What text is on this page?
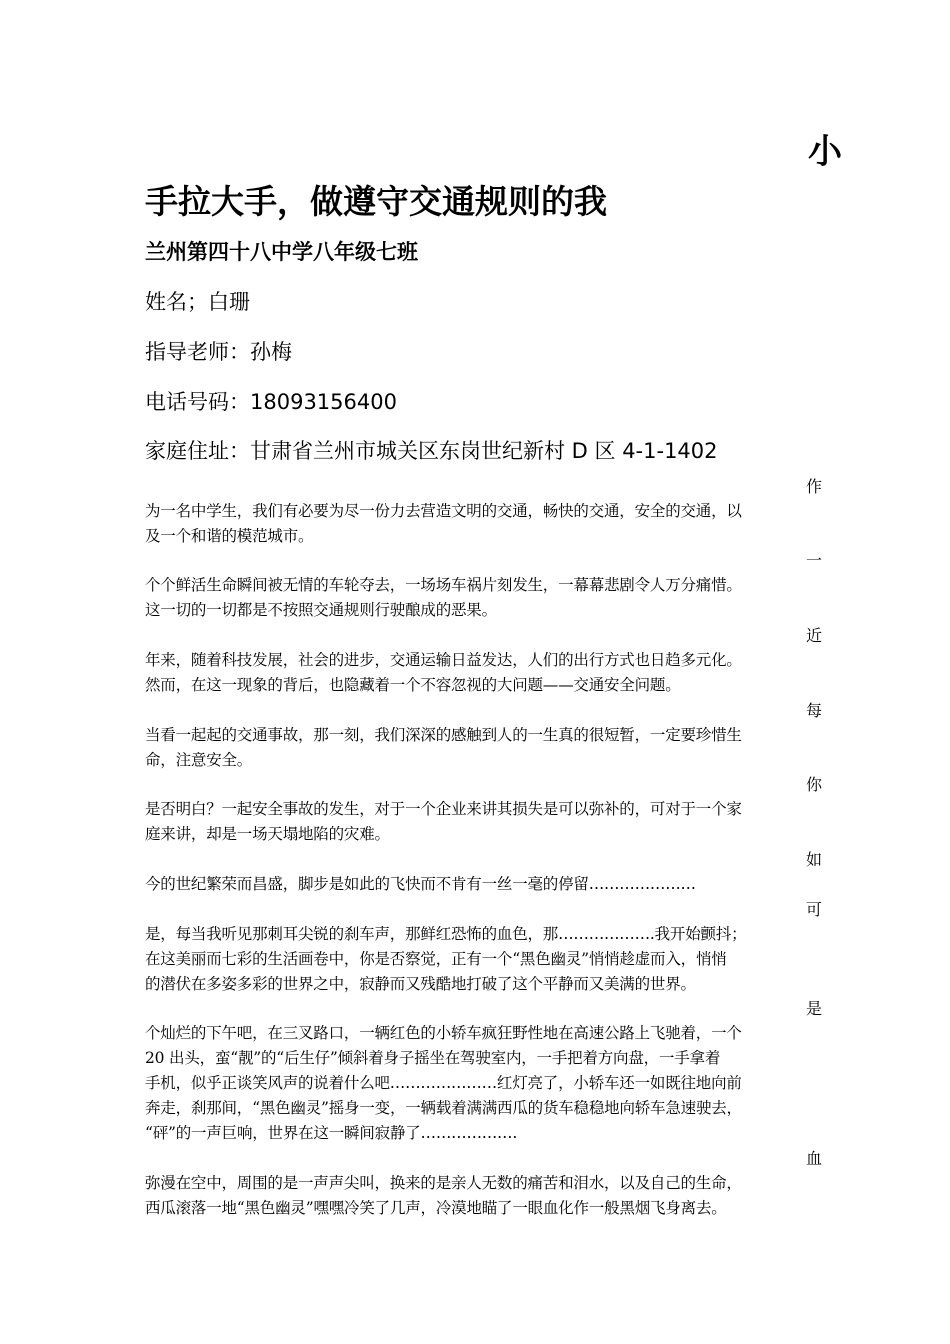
小
手拉大手，做遵守交通规则的我
兰州第四十八中学八年级七班
姓名；白珊
指导老师：孙梅
电话号码：18093156400
家庭住址：甘肃省兰州市城关区东岗世纪新村 D 区 4-1-1402
作
为一名中学生，我们有必要为尽一份力去营造文明的交通，畅快的交通，安全的交通，以
及一个和谐的模范城市。
一
个个鲜活生命瞬间被无情的车轮夺去，一场场车祸片刻发生，一幕幕悲剧令人万分痛惜。
这一切的一切都是不按照交通规则行驶酿成的恶果。
近
年来，随着科技发展，社会的进步，交通运输日益发达，人们的出行方式也日趋多元化。
然而，在这一现象的背后，也隐藏着一个不容忽视的大问题——交通安全问题。
每
当看一起起的交通事故，那一刻，我们深深的感触到人的一生真的很短暂，一定要珍惜生
命，注意安全。
你
是否明白？一起安全事故的发生，对于一个企业来讲其损失是可以弥补的，可对于一个家
庭来讲，却是一场天塌地陷的灾难。
如
今的世纪繁荣而昌盛，脚步是如此的飞快而不肯有一丝一毫的停留…………………
可
是，每当我听见那刺耳尖锐的刹车声，那鲜红恐怖的血色，那……………….我开始颤抖；
在这美丽而七彩的生活画卷中，你是否察觉，正有一个“黑色幽灵”悄悄趁虚而入，悄悄
的潜伏在多姿多彩的世界之中，寂静而又残酷地打破了这个平静而又美满的世界。
是
个灿烂的下午吧，在三叉路口，一辆红色的小轿车疯狂野性地在高速公路上飞驰着，一个
20 出头，蛮“靓”的“后生仔”倾斜着身子摇坐在驾驶室内，一手把着方向盘，一手拿着
手机，似乎正谈笑风声的说着什么吧…………………红灯亮了，小轿车还一如既往地向前
奔走，刹那间，“黑色幽灵”摇身一变，一辆载着满满西瓜的货车稳稳地向轿车急速驶去，
“砰”的一声巨响，世界在这一瞬间寂静了……………….
血
弥漫在空中，周围的是一声声尖叫，换来的是亲人无数的痛苦和泪水，以及自己的生命，
西瓜滚落一地“黑色幽灵”嘿嘿冷笑了几声，冷漠地瞄了一眼血化作一般黑烟飞身离去。
